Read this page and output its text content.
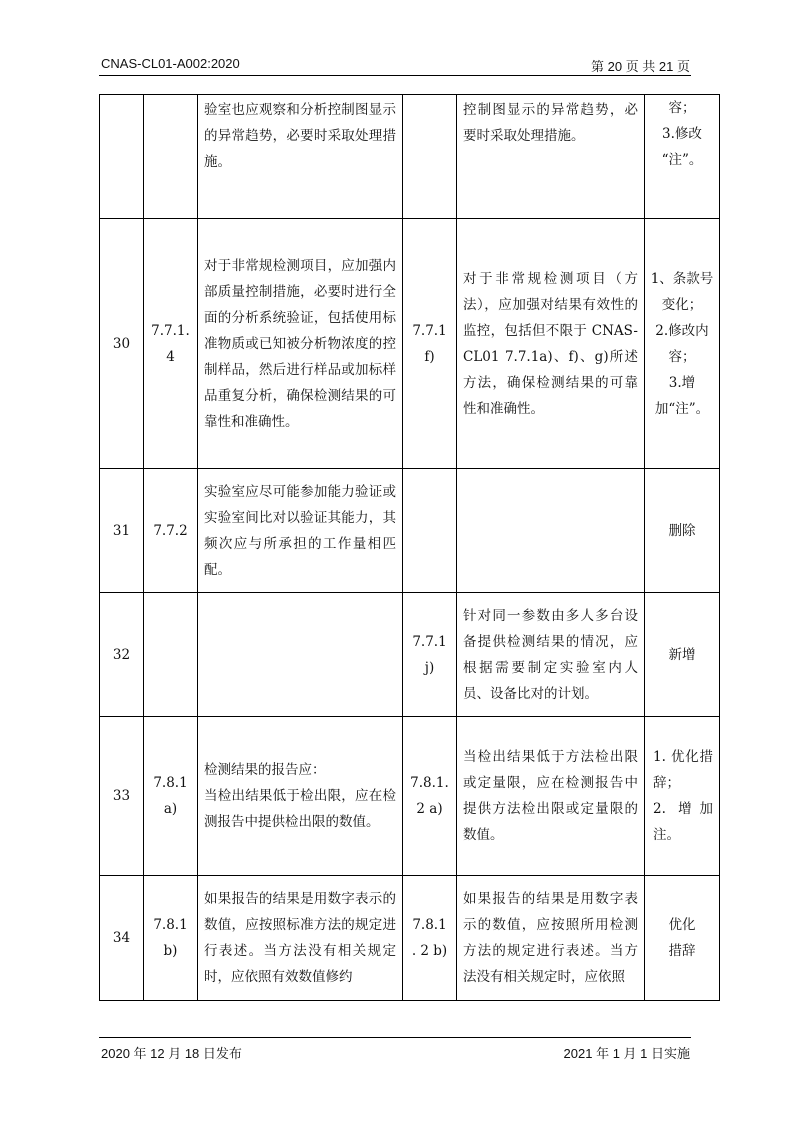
CNAS-CL01-A002:2020	第 20 页 共 21 页
		验室也应观察和分析控制图显示的异常趋势，必要时采取处理措施。		控制图显示的异常趋势，必要时采取处理措施。	容；
3.修改
“注”。
30	7.7.1.
4	对于非常规检测项目，应加强内部质量控制措施，必要时进行全面的分析系统验证，包括使用标准物质或已知被分析物浓度的控制样品，然后进行样品或加标样品重复分析，确保检测结果的可靠性和准确性。	7.7.1
f)	对于非常规检测项目（方法），应加强对结果有效性的监控，包括但不限于 CNAS-CL01 7.7.1a)、f)、g)所述方法，确保检测结果的可靠性和准确性。	1、条款号变化；
2.修改内容；
3.增加“注”。
31	7.7.2	实验室应尽可能参加能力验证或实验室间比对以验证其能力，其频次应与所承担的工作量相匹配。			删除
32			7.7.1
j)	针对同一参数由多人多台设备提供检测结果的情况，应根据需要制定实验室内人员、设备比对的计划。	新增
33	7.8.1
a)	检测结果的报告应：
当检出结果低于检出限，应在检测报告中提供检出限的数值。	7.8.1.
2 a)	当检出结果低于方法检出限或定量限，应在检测报告中提供方法检出限或定量限的数值。	1. 优化措辞；
2. 增加注。
34	7.8.1
b)	如果报告的结果是用数字表示的数值，应按照标准方法的规定进行表述。当方法没有相关规定时，应依照有效数值修约	7.8.1
. 2 b)	如果报告的结果是用数字表示的数值，应按照所用检测方法的规定进行表述。当方法没有相关规定时，应依照	优化
措辞
2020 年 12 月 18 日发布	2021 年 1 月 1 日实施
